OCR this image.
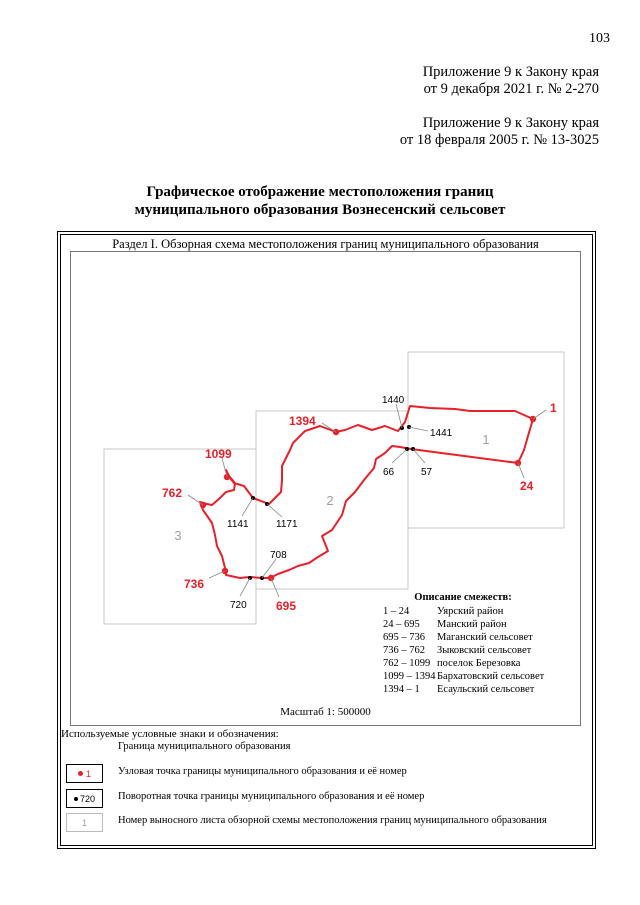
103
Приложение 9 к Закону края
от 9 декабря 2021 г. № 2-270
Приложение 9 к Закону края
от 18 февраля 2005 г. № 13-3025
Графическое отображение местоположения границ
муниципального образования Вознесенский сельсовет
Раздел I. Обзорная схема местоположения границ муниципального образования
1
2
3
1
24
695
736
762
1099
1394
57
66
708
720
1141	1171
1440
1441
Масштаб 1: 500000
Описание смежеств:
1 – 24	Уярский район
24 – 695 Манский район
695 – 736 Маганский сельсовет
736 – 762 Зыковский сельсовет
762 – 1099 поселок Березовка
1099 – 1394 Бархатовский сельсовет
1394 – 1 Есаульский сельсовет
Используемые условные знаки и обозначения:
Граница муниципального образования
1	Узловая точка границы муниципального образования и её номер
720 Поворотная точка границы муниципального образования и её номер
1	Номер выносного листа обзорной схемы местоположения границ муниципального образования
